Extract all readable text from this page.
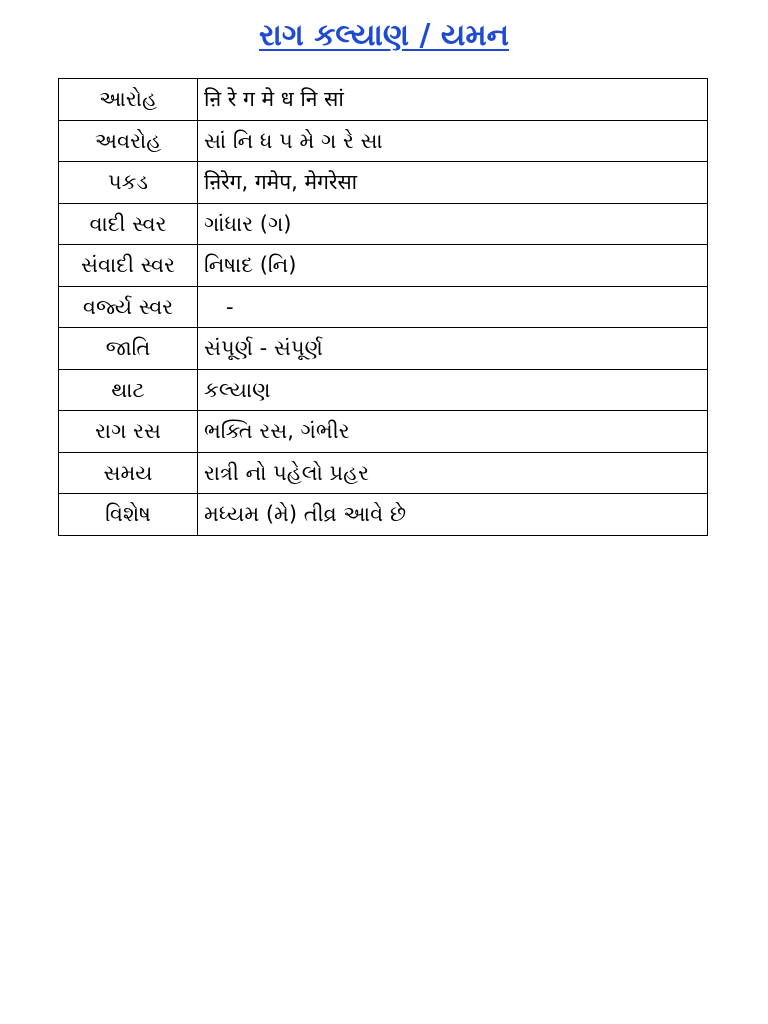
રાગ કલ્યાણ / યમન
આરોહ	ऩि रे ग मे ध नि सां
અવરોહ	સાં નિ ધ પ મે ગ રે સા
પકડ	ऩिरेग, गमेप, मेगरेसा
વાદી સ્વર	ગાંધાર (ગ)
સંવાદી સ્વર	નિષાદ (નિ)
વર્જ્ય સ્વર	-
જાતિ	સંપૂર્ણ - સંપૂર્ણ
થાટ	કલ્યાણ
રાગ રસ	ભક્તિ રસ, ગંભીર
સમય	રાત્રી નો પહેલો પ્રહર
વિશેષ	મધ્યમ (મે) તીવ્ર આવે છે
